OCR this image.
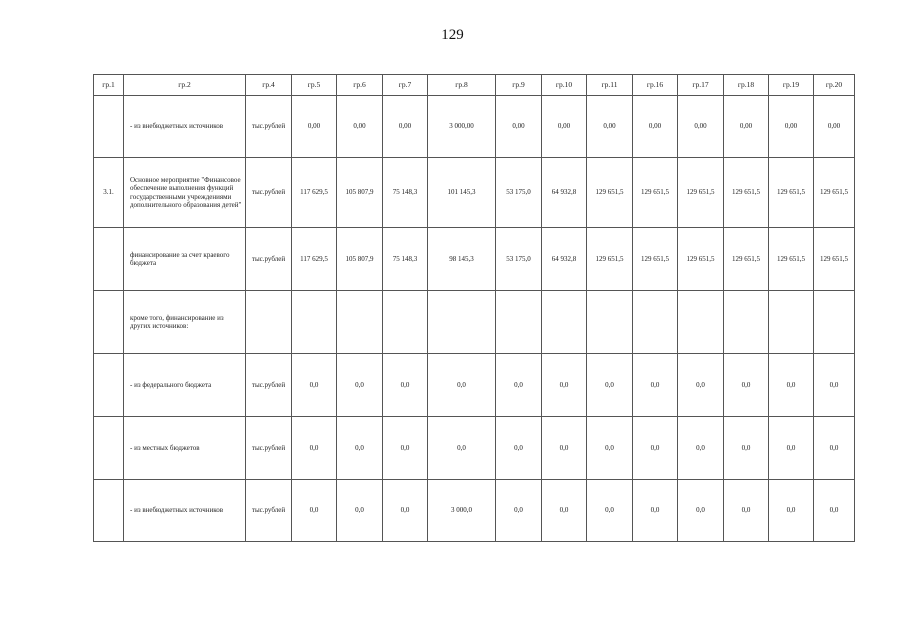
129
гр.1	гр.2	гр.4	гр.5	гр.6	гр.7	гр.8	гр.9	гр.10	гр.11	гр.16	гр.17	гр.18	гр.19	гр.20
	- из внебюджетных источников	тыс.рублей	0,00	0,00	0,00	3 000,00	0,00	0,00	0,00	0,00	0,00	0,00	0,00	0,00
3.1.	Основное мероприятие "Финансовое обеспечение выполнения функций государственными учреждениями дополнительного образования детей"	тыс.рублей	117 629,5	105 807,9	75 148,3	101 145,3	53 175,0	64 932,8	129 651,5	129 651,5	129 651,5	129 651,5	129 651,5	129 651,5
	финансирование за счет краевого бюджета	тыс.рублей	117 629,5	105 807,9	75 148,3	98 145,3	53 175,0	64 932,8	129 651,5	129 651,5	129 651,5	129 651,5	129 651,5	129 651,5
	кроме того, финансирование из других источников:													
	- из федерального бюджета	тыс.рублей	0,0	0,0	0,0	0,0	0,0	0,0	0,0	0,0	0,0	0,0	0,0	0,0
	- из местных бюджетов	тыс.рублей	0,0	0,0	0,0	0,0	0,0	0,0	0,0	0,0	0,0	0,0	0,0	0,0
	- из внебюджетных источников	тыс.рублей	0,0	0,0	0,0	3 000,0	0,0	0,0	0,0	0,0	0,0	0,0	0,0	0,0
